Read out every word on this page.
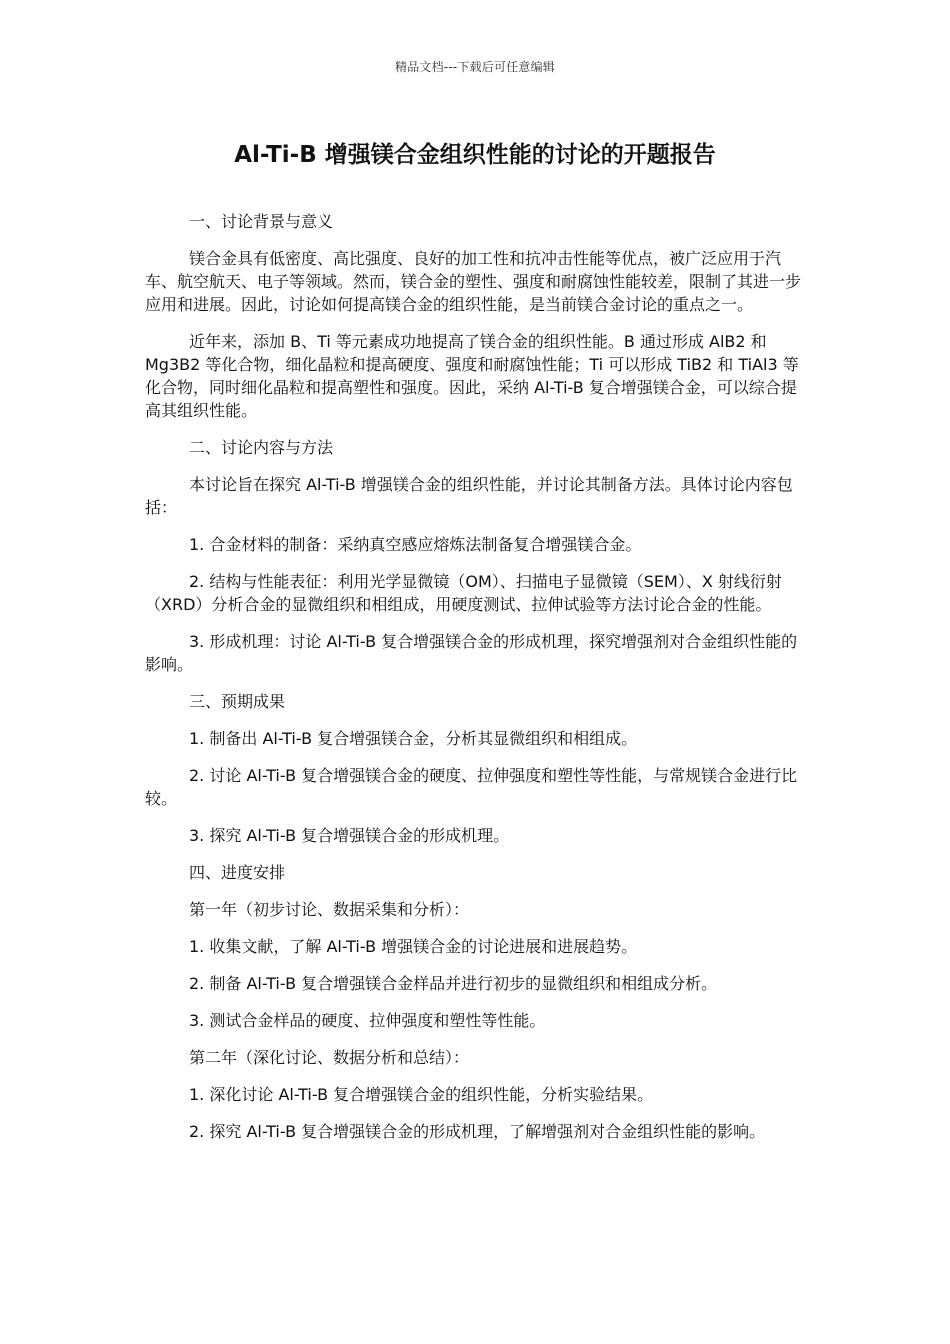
精品文档---下载后可任意编辑
Al-Ti-B 增强镁合金组织性能的讨论的开题报告

一、讨论背景与意义

镁合金具有低密度、高比强度、良好的加工性和抗冲击性能等优点，被广泛应用于汽车、航空航天、电子等领域。然而，镁合金的塑性、强度和耐腐蚀性能较差，限制了其进一步应用和进展。因此，讨论如何提高镁合金的组织性能，是当前镁合金讨论的重点之一。

近年来，添加 B、Ti 等元素成功地提高了镁合金的组织性能。B 通过形成 AlB2 和 Mg3B2 等化合物，细化晶粒和提高硬度、强度和耐腐蚀性能；Ti 可以形成 TiB2 和 TiAl3 等化合物，同时细化晶粒和提高塑性和强度。因此，采纳 Al-Ti-B 复合增强镁合金，可以综合提高其组织性能。

二、讨论内容与方法

本讨论旨在探究 Al-Ti-B 增强镁合金的组织性能，并讨论其制备方法。具体讨论内容包括：

1. 合金材料的制备：采纳真空感应熔炼法制备复合增强镁合金。

2. 结构与性能表征：利用光学显微镜（OM）、扫描电子显微镜（SEM）、X 射线衍射（XRD）分析合金的显微组织和相组成，用硬度测试、拉伸试验等方法讨论合金的性能。

3. 形成机理：讨论 Al-Ti-B 复合增强镁合金的形成机理，探究增强剂对合金组织性能的影响。

三、预期成果

1. 制备出 Al-Ti-B 复合增强镁合金，分析其显微组织和相组成。

2. 讨论 Al-Ti-B 复合增强镁合金的硬度、拉伸强度和塑性等性能，与常规镁合金进行比较。

3. 探究 Al-Ti-B 复合增强镁合金的形成机理。

四、进度安排

第一年（初步讨论、数据采集和分析）：

1. 收集文献，了解 Al-Ti-B 增强镁合金的讨论进展和进展趋势。

2. 制备 Al-Ti-B 复合增强镁合金样品并进行初步的显微组织和相组成分析。

3. 测试合金样品的硬度、拉伸强度和塑性等性能。

第二年（深化讨论、数据分析和总结）：

1. 深化讨论 Al-Ti-B 复合增强镁合金的组织性能，分析实验结果。

2. 探究 Al-Ti-B 复合增强镁合金的形成机理，了解增强剂对合金组织性能的影响。
